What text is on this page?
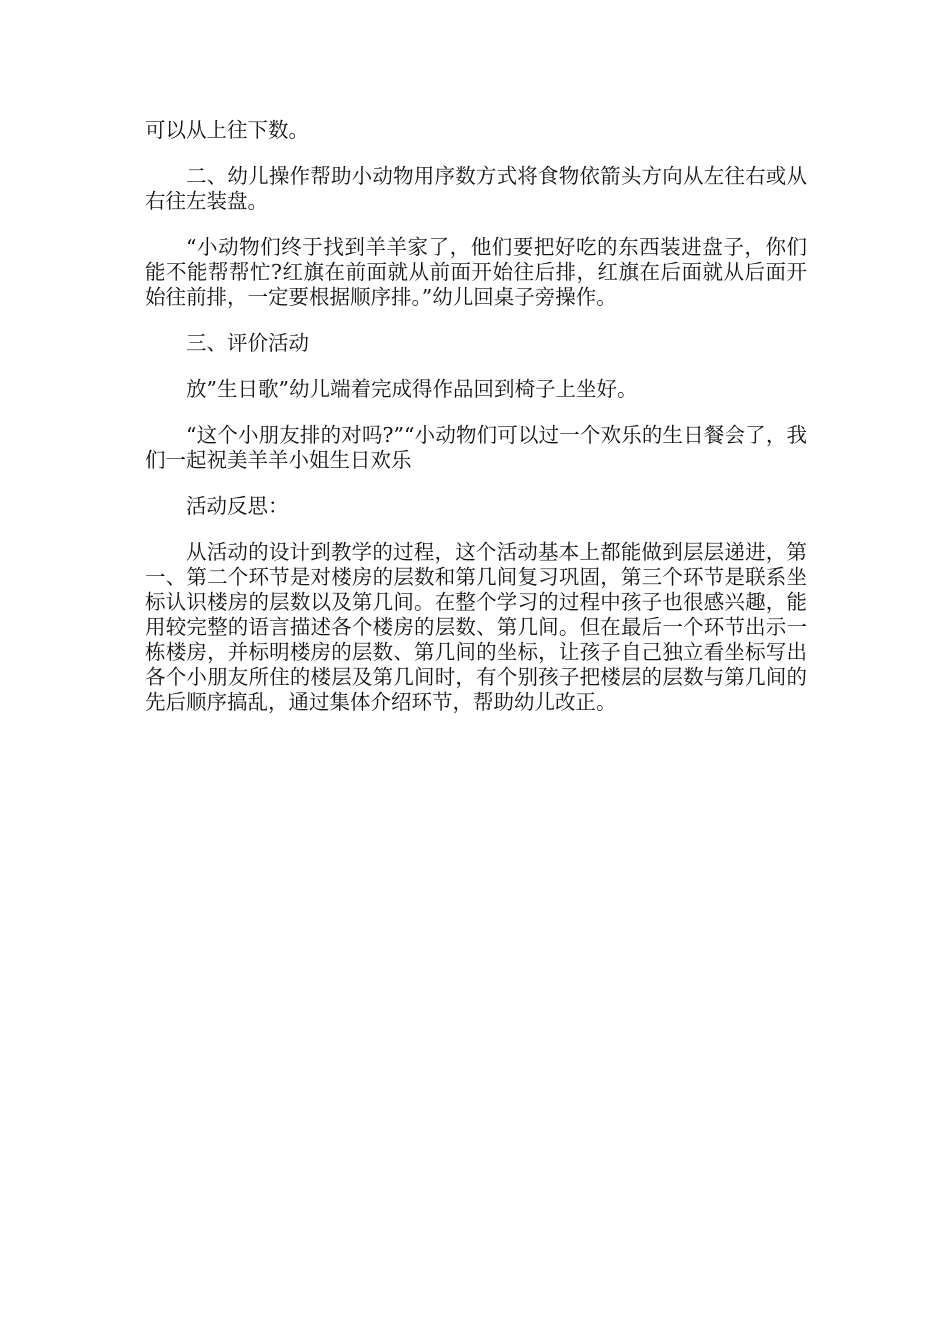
可以从上往下数。

二、幼儿操作帮助小动物用序数方式将食物依箭头方向从左往右或从右往左装盘。

“小动物们终于找到羊羊家了，他们要把好吃的东西装进盘子，你们能不能帮帮忙?红旗在前面就从前面开始往后排，红旗在后面就从后面开始往前排，一定要根据顺序排。”幼儿回桌子旁操作。

三、评价活动

放”生日歌”幼儿端着完成得作品回到椅子上坐好。

“这个小朋友排的对吗?”“小动物们可以过一个欢乐的生日餐会了，我们一起祝美羊羊小姐生日欢乐

活动反思：

从活动的设计到教学的过程，这个活动基本上都能做到层层递进，第一、第二个环节是对楼房的层数和第几间复习巩固，第三个环节是联系坐标认识楼房的层数以及第几间。在整个学习的过程中孩子也很感兴趣，能用较完整的语言描述各个楼房的层数、第几间。但在最后一个环节出示一栋楼房，并标明楼房的层数、第几间的坐标，让孩子自己独立看坐标写出各个小朋友所住的楼层及第几间时，有个别孩子把楼层的层数与第几间的先后顺序搞乱，通过集体介绍环节，帮助幼儿改正。
